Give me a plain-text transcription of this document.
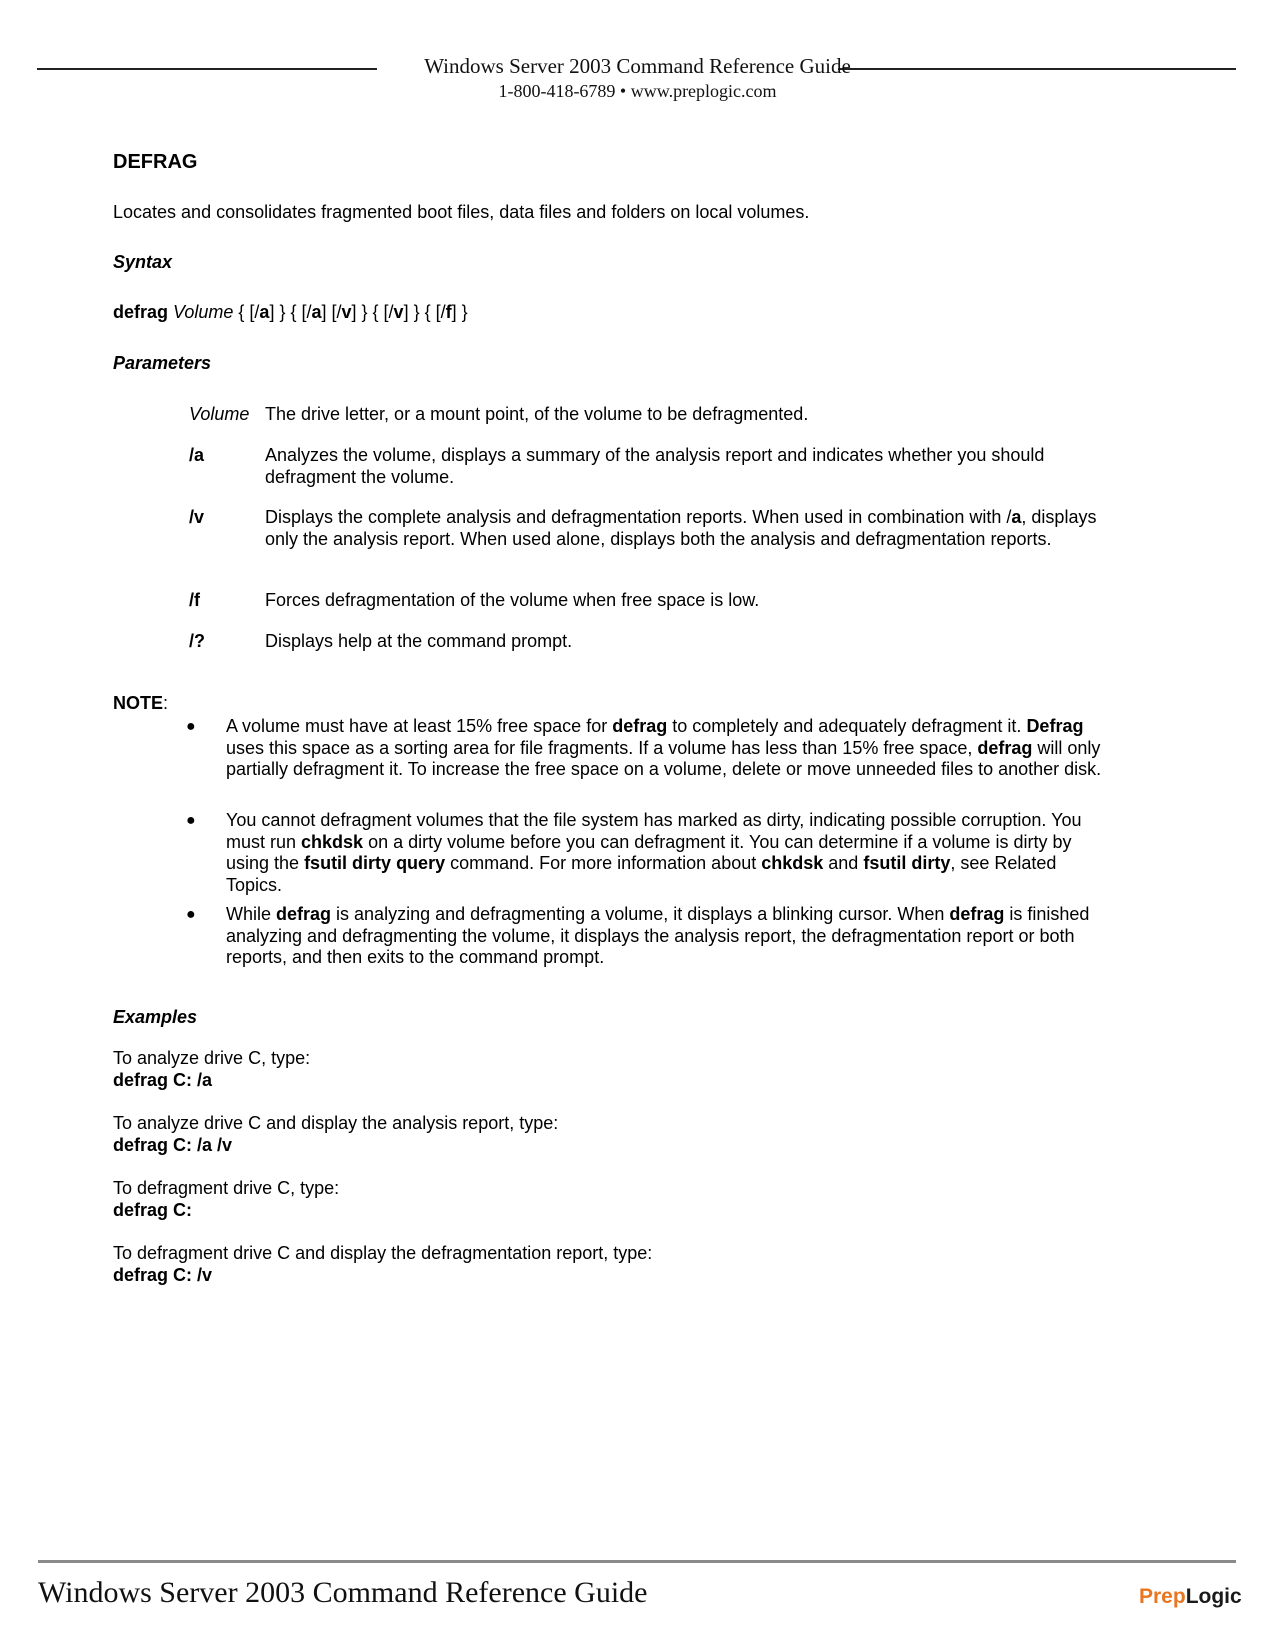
Windows Server 2003 Command Reference Guide
1-800-418-6789 • www.preplogic.com
DEFRAG
Locates and consolidates fragmented boot files, data files and folders on local volumes.
Syntax
defrag Volume { [/a] } { [/a] [/v] } { [/v] } { [/f] }
Parameters
Volume The drive letter, or a mount point, of the volume to be defragmented.
/a	Analyzes the volume, displays a summary of the analysis report and indicates whether you should defragment the volume.
/v	Displays the complete analysis and defragmentation reports. When used in combination with /a, displays only the analysis report. When used alone, displays both the analysis and defragmentation reports.
/f	Forces defragmentation of the volume when free space is low.
/?	Displays help at the command prompt.
NOTE:
● A volume must have at least 15% free space for defrag to completely and adequately defragment it. Defrag uses this space as a sorting area for file fragments. If a volume has less than 15% free space, defrag will only partially defragment it. To increase the free space on a volume, delete or move unneeded files to another disk.
● You cannot defragment volumes that the file system has marked as dirty, indicating possible corruption. You must run chkdsk on a dirty volume before you can defragment it. You can determine if a volume is dirty by using the fsutil dirty query command. For more information about chkdsk and fsutil dirty, see Related Topics.
● While defrag is analyzing and defragmenting a volume, it displays a blinking cursor. When defrag is finished analyzing and defragmenting the volume, it displays the analysis report, the defragmentation report or both reports, and then exits to the command prompt.
Examples
To analyze drive C, type:
defrag C: /a
To analyze drive C and display the analysis report, type:
defrag C: /a /v
To defragment drive C, type:
defrag C:
To defragment drive C and display the defragmentation report, type:
defrag C: /v
Windows Server 2003 Command Reference Guide	PrepLogic
